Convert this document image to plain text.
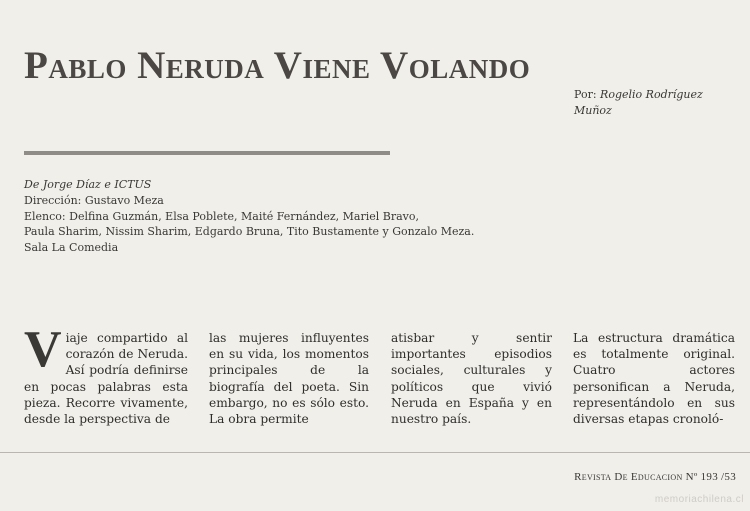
Pablo Neruda Viene Volando
Por: Rogelio Rodríguez Muñoz
De Jorge Díaz e ICTUS
Dirección: Gustavo Meza
Elenco: Delfina Guzmán, Elsa Poblete, Maité Fernández, Mariel Bravo,
Paula Sharim, Nissim Sharim, Edgardo Bruna, Tito Bustamente y Gonzalo Meza.
Sala La Comedia
V iaje compartido al corazón de Neruda. Así podría definirse en pocas palabras esta pieza. Recorre vivamente, desde la perspectiva de
las mujeres influyentes en su vida, los momentos principales de la biografía del poeta. Sin embargo, no es sólo esto. La obra permite
atisbar y sentir importantes episodios sociales, culturales y políticos que vivió Neruda en España y en nuestro país.
La estructura dramática es totalmente original. Cuatro actores personifican a Neruda, representándolo en sus diversas etapas cronoló-
Revista De Educacion Nº 193 /53
memoriachilena.cl
